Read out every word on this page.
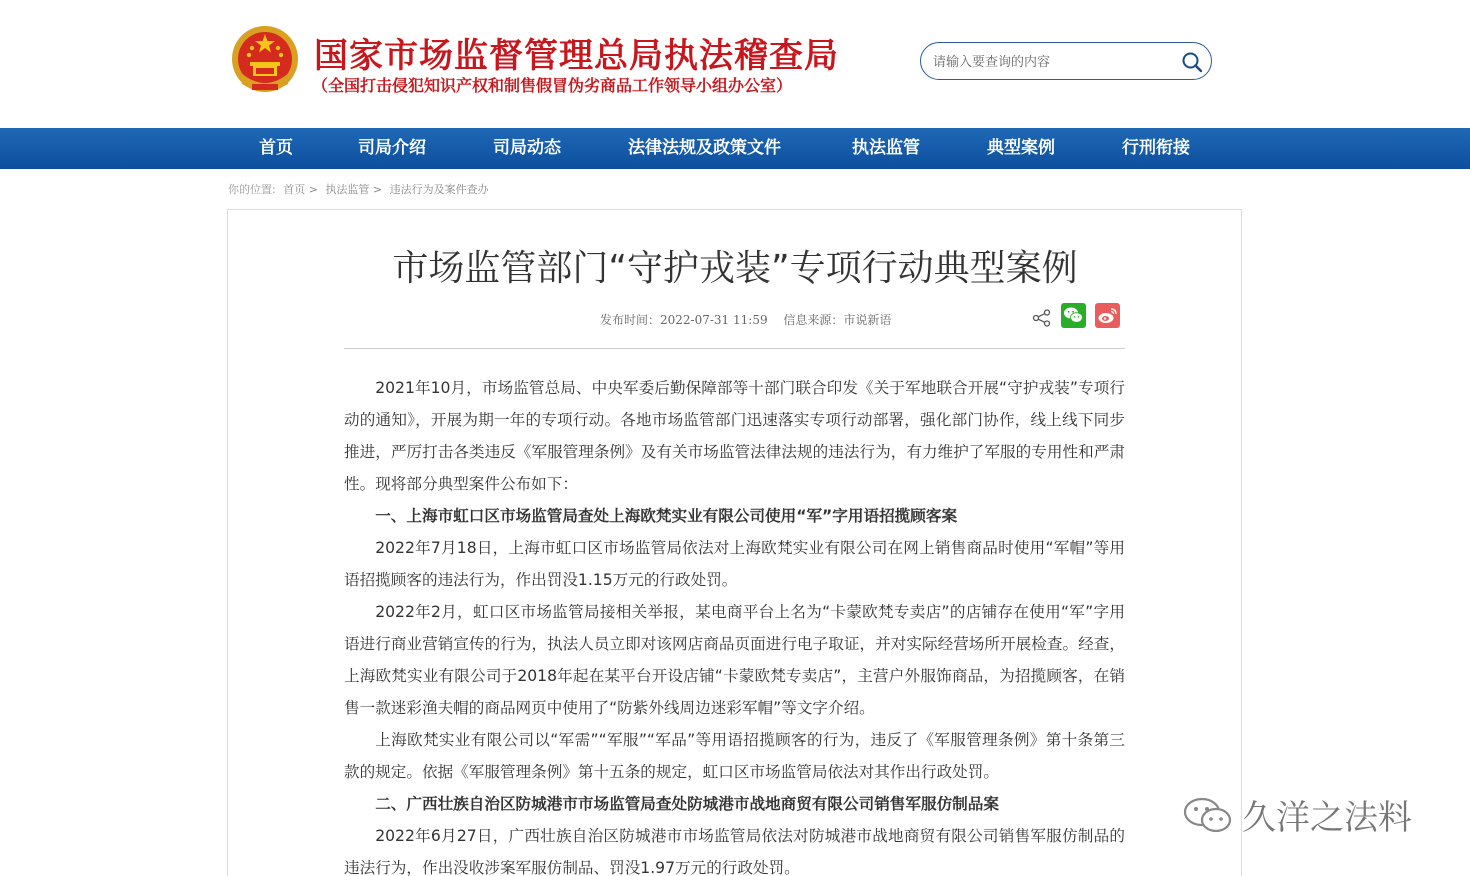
国家市场监督管理总局执法稽查局
（全国打击侵犯知识产权和制售假冒伪劣商品工作领导小组办公室）
请输入要查询的内容
首页	司局介绍	司局动态	法律法规及政策文件	执法监管	典型案例	行刑衔接
你的位置: 首页 > 执法监管 > 违法行为及案件查办
市场监管部门“守护戎装”专项行动典型案例
发布时间：2022-07-31 11:59 信息来源：市说新语

2021年10月，市场监管总局、中央军委后勤保障部等十部门联合印发《关于军地联合开展“守护戎装”专项行动的通知》，开展为期一年的专项行动。各地市场监管部门迅速落实专项行动部署，强化部门协作，线上线下同步推进，严厉打击各类违反《军服管理条例》及有关市场监管法律法规的违法行为，有力维护了军服的专用性和严肃性。现将部分典型案件公布如下：

一、上海市虹口区市场监管局查处上海欧梵实业有限公司使用“军”字用语招揽顾客案

2022年7月18日，上海市虹口区市场监管局依法对上海欧梵实业有限公司在网上销售商品时使用“军帽”等用语招揽顾客的违法行为，作出罚没1.15万元的行政处罚。

2022年2月，虹口区市场监管局接相关举报，某电商平台上名为“卡蒙欧梵专卖店”的店铺存在使用“军”字用语进行商业营销宣传的行为，执法人员立即对该网店商品页面进行电子取证，并对实际经营场所开展检查。经查，上海欧梵实业有限公司于2018年起在某平台开设店铺“卡蒙欧梵专卖店”，主营户外服饰商品，为招揽顾客，在销售一款迷彩渔夫帽的商品网页中使用了“防紫外线周边迷彩军帽”等文字介绍。

上海欧梵实业有限公司以“军需”“军服”“军品”等用语招揽顾客的行为，违反了《军服管理条例》第十条第三款的规定。依据《军服管理条例》第十五条的规定，虹口区市场监管局依法对其作出行政处罚。

二、广西壮族自治区防城港市市场监管局查处防城港市战地商贸有限公司销售军服仿制品案

2022年6月27日，广西壮族自治区防城港市市场监管局依法对防城港市战地商贸有限公司销售军服仿制品的违法行为，作出没收涉案军服仿制品、罚没1.97万元的行政处罚。

久洋之法料
